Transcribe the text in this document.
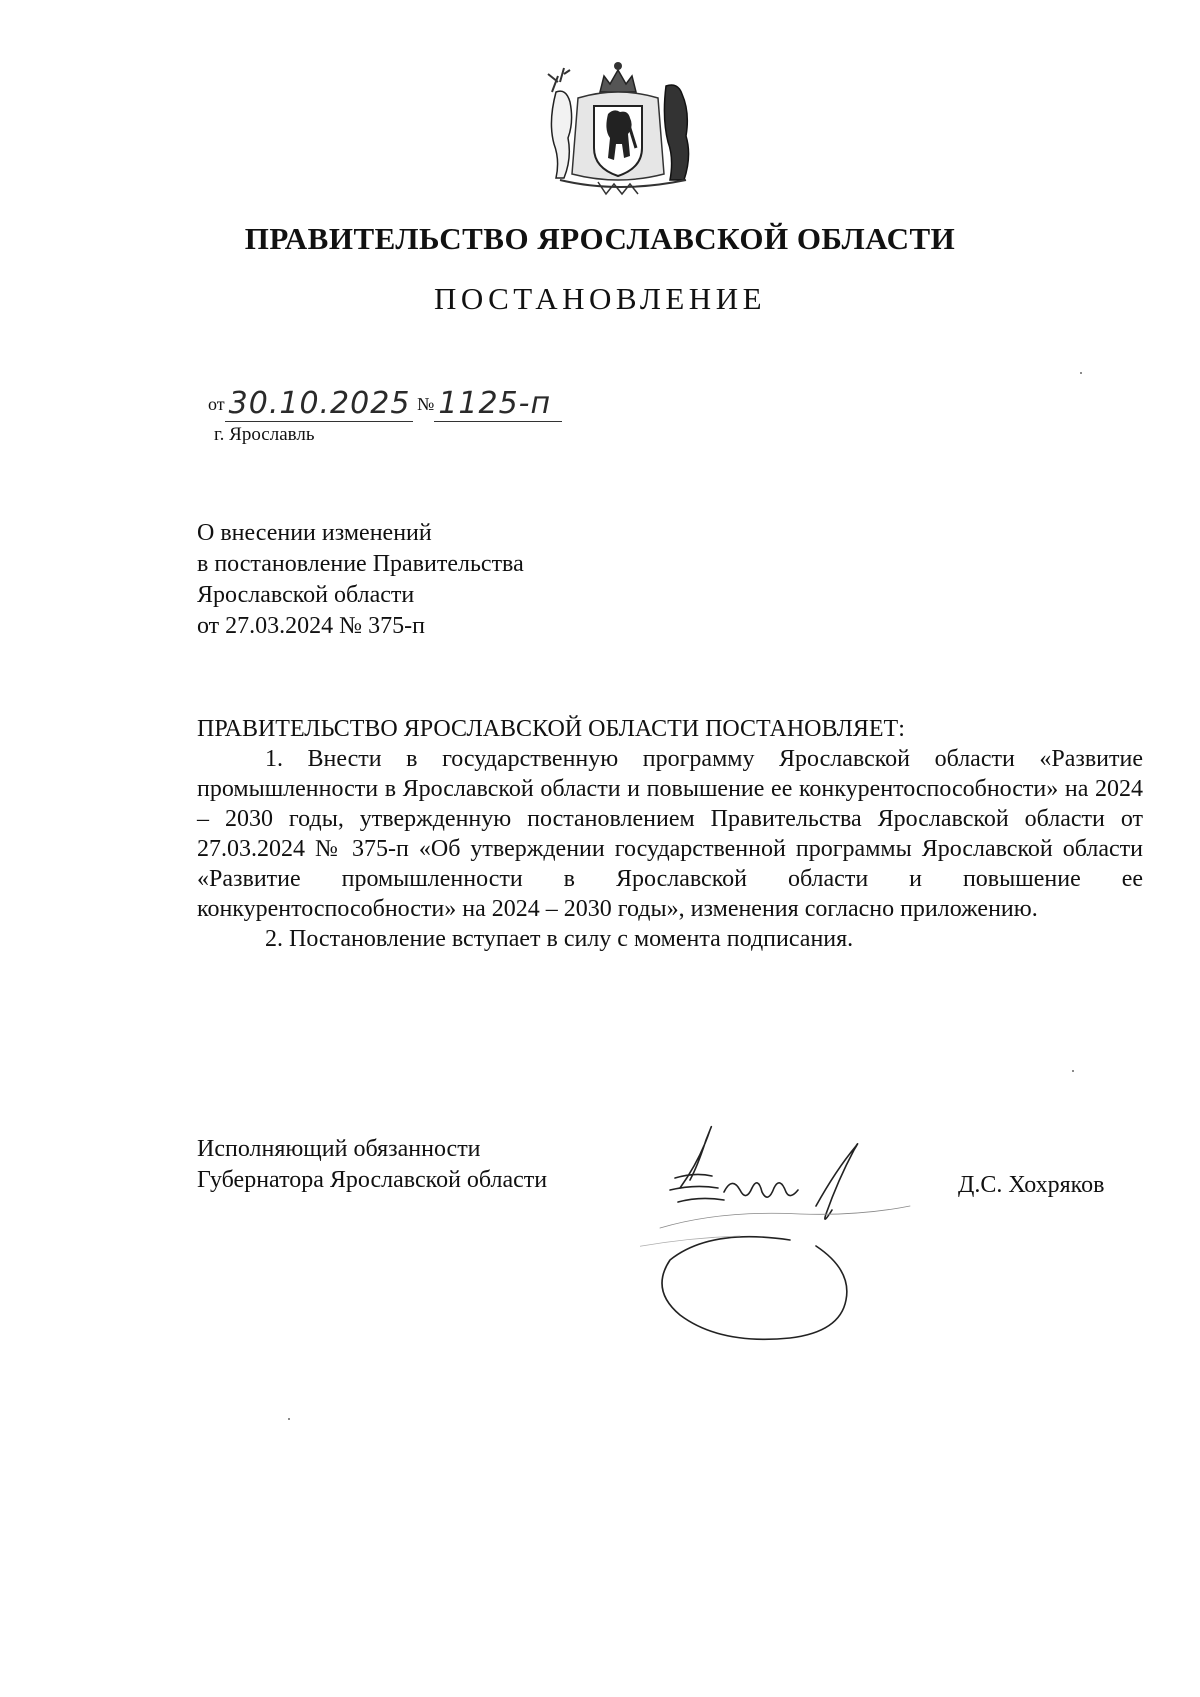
ПРАВИТЕЛЬСТВО ЯРОСЛАВСКОЙ ОБЛАСТИ
ПОСТАНОВЛЕНИЕ
от 30.10.2025 № 1125-п
г. Ярославль
О внесении изменений
в постановление Правительства
Ярославской области
от 27.03.2024 № 375-п
ПРАВИТЕЛЬСТВО ЯРОСЛАВСКОЙ ОБЛАСТИ ПОСТАНОВЛЯЕТ:

1. Внести в государственную программу Ярославской области «Развитие промышленности в Ярославской области и повышение ее конкурентоспособности» на 2024 – 2030 годы, утвержденную постановлением Правительства Ярославской области от 27.03.2024 № 375-п «Об утверждении государственной программы Ярославской области «Развитие промышленности в Ярославской области и повышение ее конкурентоспособности» на 2024 – 2030 годы», изменения согласно приложению.

2. Постановление вступает в силу с момента подписания.

Исполняющий обязанности
Губернатора Ярославской области	Д.С. Хохряков
